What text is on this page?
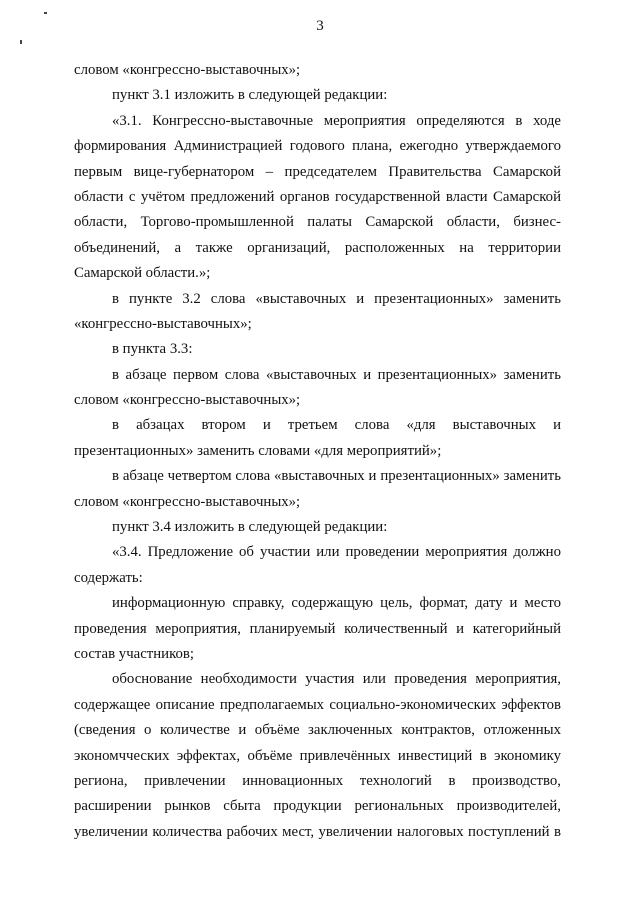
3
словом «конгрессно-выставочных»;
пункт 3.1 изложить в следующей редакции:
«3.1. Конгрессно-выставочные мероприятия определяются в ходе
формирования Администрацией годового плана, ежегодно утверждаемого
первым вице-губернатором – председателем Правительства Самарской
области с учётом предложений органов государственной власти Самарской
области, Торгово-промышленной палаты Самарской области, бизнес-
объединений, а также организаций, расположенных на территории
Самарской области.»;
в пункте 3.2 слова «выставочных и презентационных» заменить
«конгрессно-выставочных»;
в пункта 3.3:
в абзаце первом слова «выставочных и презентационных» заменить
словом «конгрессно-выставочных»;
в абзацах втором и третьем слова «для выставочных и
презентационных» заменить словами «для мероприятий»;
в абзаце четвертом слова «выставочных и презентационных» заменить
словом «конгрессно-выставочных»;
пункт 3.4 изложить в следующей редакции:
«3.4. Предложение об участии или проведении мероприятия должно
содержать:
информационную справку, содержащую цель, формат, дату и место
проведения мероприятия, планируемый количественный и категорийный
состав участников;
обоснование необходимости участия или проведения мероприятия,
содержащее описание предполагаемых социально-экономических эффектов
(сведения о количестве и объёме заключенных контрактов, отложенных
экономчческих эффектах, объёме привлечённых инвестиций в экономику
региона, привлечении инновационных технологий в производство,
расширении рынков сбыта продукции региональных производителей,
увеличении количества рабочих мест, увеличении налоговых поступлений в
